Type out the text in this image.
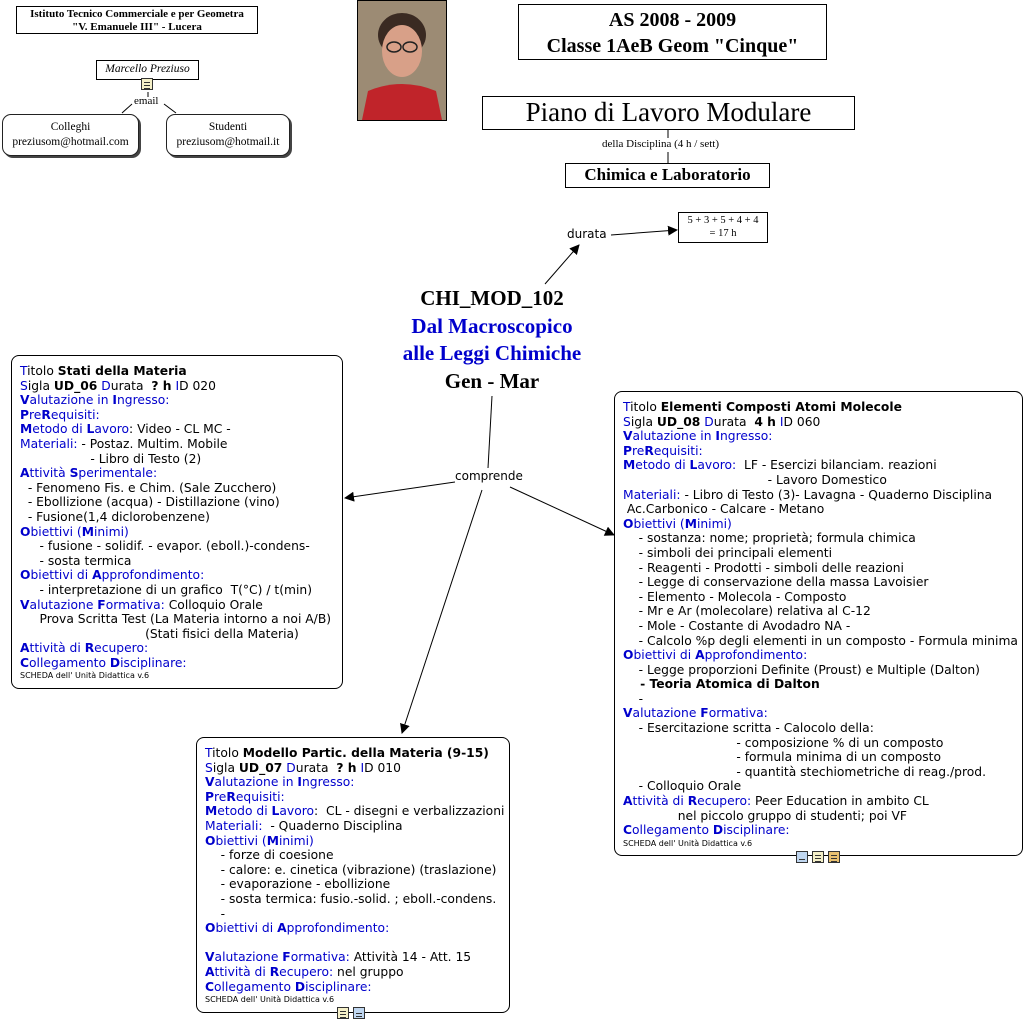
Istituto Tecnico Commerciale e per Geometra
"V. Emanuele III" - Lucera
Marcello Preziuso
email
Colleghi
preziusom@hotmail.com
Studenti
preziusom@hotmail.it
AS 2008 - 2009
Classe 1AeB Geom "Cinque"
Piano di Lavoro Modulare
della Disciplina (4 h / sett)
Chimica e Laboratorio
durata
5 + 3 + 5 + 4 + 4
= 17 h
CHI_MOD_102
Dal Macroscopico
alle Leggi Chimiche
Gen - Mar
comprende
Titolo Stati della Materia
Sigla UD_06 Durata  ? h ID 020
Valutazione in Ingresso:
PreRequisiti:
Metodo di Lavoro: Video - CL MC -
Materiali: - Postaz. Multim. Mobile
- Libro di Testo (2)
Attività Sperimentale:
- Fenomeno Fis. e Chim. (Sale Zucchero)
- Ebollizione (acqua) - Distillazione (vino)
- Fusione(1,4 diclorobenzene)
Obiettivi (Minimi)
- fusione - solidif. - evapor. (eboll.)-condens-
- sosta termica
Obiettivi di Approfondimento:
- interpretazione di un grafico  T(°C) / t(min)
Valutazione Formativa: Colloquio Orale
Prova Scritta Test (La Materia intorno a noi A/B)
(Stati fisici della Materia)
Attività di Recupero:
Collegamento Disciplinare:
SCHEDA dell' Unità Didattica v.6
Titolo Elementi Composti Atomi Molecole
Sigla UD_08 Durata  4 h ID 060
Valutazione in Ingresso:
PreRequisiti:
Metodo di Lavoro:  LF - Esercizi bilanciam. reazioni
- Lavoro Domestico
Materiali: - Libro di Testo (3)- Lavagna - Quaderno Disciplina
Ac.Carbonico - Calcare - Metano
Obiettivi (Minimi)
- sostanza: nome; proprietà; formula chimica
- simboli dei principali elementi
- Reagenti - Prodotti - simboli delle reazioni
- Legge di conservazione della massa Lavoisier
- Elemento - Molecola - Composto
- Mr e Ar (molecolare) relativa al C-12
- Mole - Costante di Avodadro NA -
- Calcolo %p degli elementi in un composto - Formula minima
Obiettivi di Approfondimento:
- Legge proporzioni Definite (Proust) e Multiple (Dalton)
- Teoria Atomica di Dalton
-
Valutazione Formativa:
- Esercitazione scritta - Calocolo della:
- composizione % di un composto
- formula minima di un composto
- quantità stechiometriche di reag./prod.
- Colloquio Orale
Attività di Recupero: Peer Education in ambito CL
nel piccolo gruppo di studenti; poi VF
Collegamento Disciplinare:
SCHEDA dell' Unità Didattica v.6
Titolo Modello Partic. della Materia (9-15)
Sigla UD_07 Durata  ? h ID 010
Valutazione in Ingresso:
PreRequisiti:
Metodo di Lavoro:  CL - disegni e verbalizzazioni
Materiali:  - Quaderno Disciplina
Obiettivi (Minimi)
- forze di coesione
- calore: e. cinetica (vibrazione) (traslazione)
- evaporazione - ebollizione
- sosta termica: fusio.-solid. ; eboll.-condens.
-
Obiettivi di Approfondimento:

Valutazione Formativa: Attività 14 - Att. 15
Attività di Recupero: nel gruppo
Collegamento Disciplinare:
SCHEDA dell' Unità Didattica v.6
